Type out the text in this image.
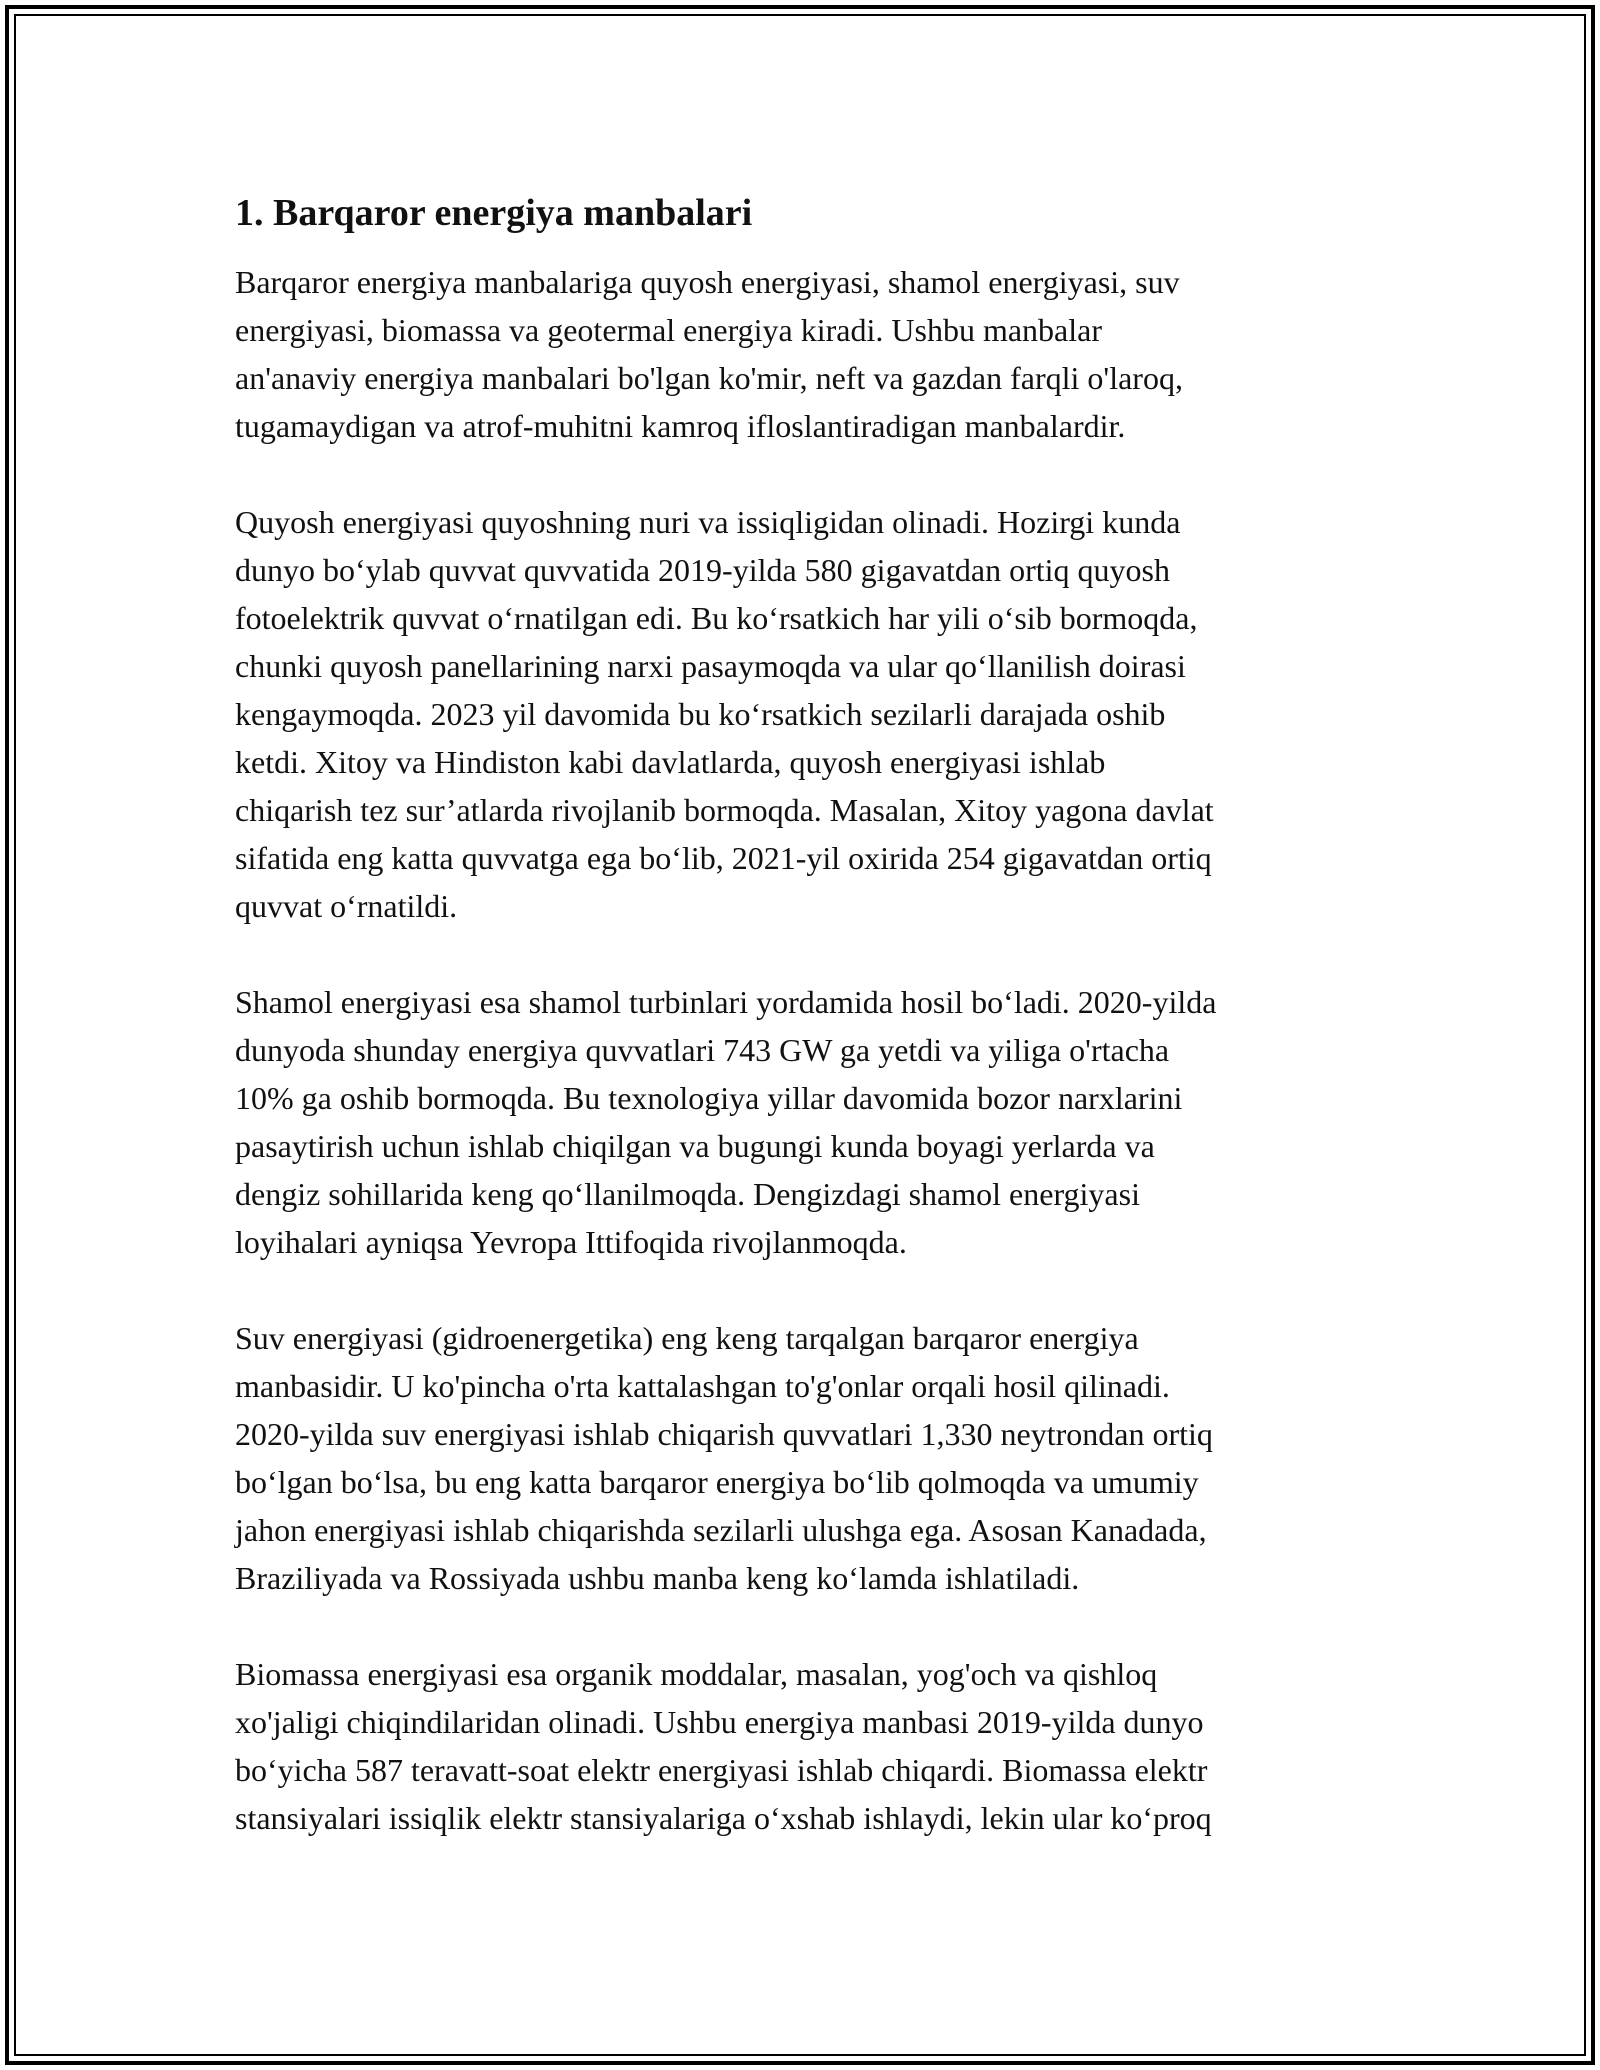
1. Barqaror energiya manbalari

Barqaror energiya manbalariga quyosh energiyasi, shamol energiyasi, suv
energiyasi, biomassa va geotermal energiya kiradi. Ushbu manbalar
an'anaviy energiya manbalari bo'lgan ko'mir, neft va gazdan farqli o'laroq,
tugamaydigan va atrof-muhitni kamroq ifloslantiradigan manbalardir.

Quyosh energiyasi quyoshning nuri va issiqligidan olinadi. Hozirgi kunda
dunyo bo‘ylab quvvat quvvatida 2019-yilda 580 gigavatdan ortiq quyosh
fotoelektrik quvvat o‘rnatilgan edi. Bu ko‘rsatkich har yili o‘sib bormoqda,
chunki quyosh panellarining narxi pasaymoqda va ular qo‘llanilish doirasi
kengaymoqda. 2023 yil davomida bu ko‘rsatkich sezilarli darajada oshib
ketdi. Xitoy va Hindiston kabi davlatlarda, quyosh energiyasi ishlab
chiqarish tez sur’atlarda rivojlanib bormoqda. Masalan, Xitoy yagona davlat
sifatida eng katta quvvatga ega bo‘lib, 2021-yil oxirida 254 gigavatdan ortiq
quvvat o‘rnatildi.

Shamol energiyasi esa shamol turbinlari yordamida hosil bo‘ladi. 2020-yilda
dunyoda shunday energiya quvvatlari 743 GW ga yetdi va yiliga o'rtacha
10% ga oshib bormoqda. Bu texnologiya yillar davomida bozor narxlarini
pasaytirish uchun ishlab chiqilgan va bugungi kunda boyagi yerlarda va
dengiz sohillarida keng qo‘llanilmoqda. Dengizdagi shamol energiyasi
loyihalari ayniqsa Yevropa Ittifoqida rivojlanmoqda.

Suv energiyasi (gidroenergetika) eng keng tarqalgan barqaror energiya
manbasidir. U ko'pincha o'rta kattalashgan to'g'onlar orqali hosil qilinadi.
2020-yilda suv energiyasi ishlab chiqarish quvvatlari 1,330 neytrondan ortiq
bo‘lgan bo‘lsa, bu eng katta barqaror energiya bo‘lib qolmoqda va umumiy
jahon energiyasi ishlab chiqarishda sezilarli ulushga ega. Asosan Kanadada,
Braziliyada va Rossiyada ushbu manba keng ko‘lamda ishlatiladi.

Biomassa energiyasi esa organik moddalar, masalan, yog'och va qishloq
xo'jaligi chiqindilaridan olinadi. Ushbu energiya manbasi 2019-yilda dunyo
bo‘yicha 587 teravatt-soat elektr energiyasi ishlab chiqardi. Biomassa elektr
stansiyalari issiqlik elektr stansiyalariga o‘xshab ishlaydi, lekin ular ko‘proq
